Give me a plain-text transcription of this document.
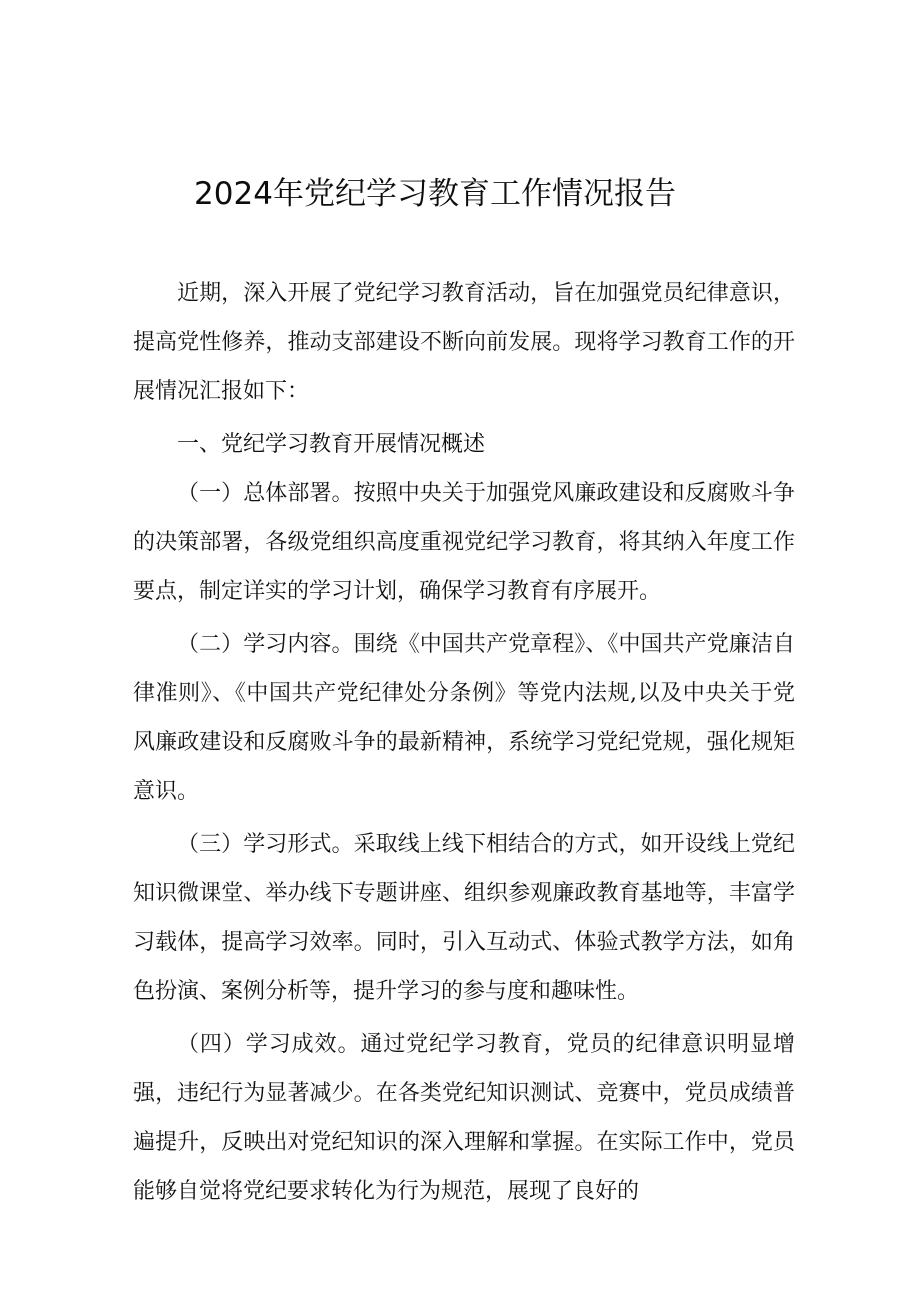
2024年党纪学习教育工作情况报告

近期，深入开展了党纪学习教育活动，旨在加强党员纪律意识，提高党性修养，推动支部建设不断向前发展。现将学习教育工作的开展情况汇报如下：

一、党纪学习教育开展情况概述

（一）总体部署。按照中央关于加强党风廉政建设和反腐败斗争的决策部署，各级党组织高度重视党纪学习教育，将其纳入年度工作要点，制定详实的学习计划，确保学习教育有序展开。

（二）学习内容。围绕《中国共产党章程》、《中国共产党廉洁自律准则》、《中国共产党纪律处分条例》等党内法规,以及中央关于党风廉政建设和反腐败斗争的最新精神，系统学习党纪党规，强化规矩意识。

（三）学习形式。采取线上线下相结合的方式，如开设线上党纪知识微课堂、举办线下专题讲座、组织参观廉政教育基地等，丰富学习载体，提高学习效率。同时，引入互动式、体验式教学方法，如角色扮演、案例分析等，提升学习的参与度和趣味性。

（四）学习成效。通过党纪学习教育，党员的纪律意识明显增强，违纪行为显著减少。在各类党纪知识测试、竞赛中，党员成绩普遍提升，反映出对党纪知识的深入理解和掌握。在实际工作中，党员能够自觉将党纪要求转化为行为规范，展现了良好的
